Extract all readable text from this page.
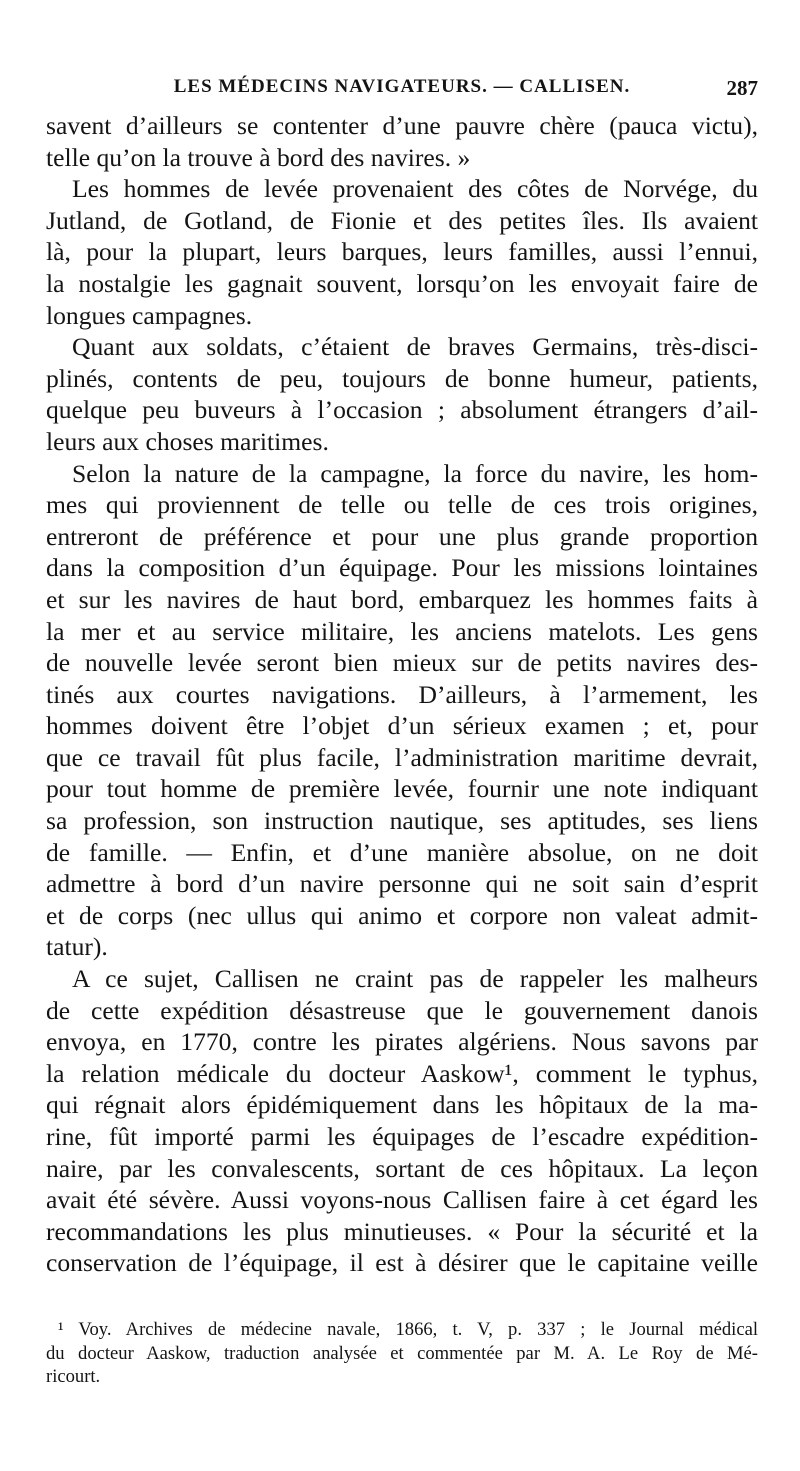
LES MÉDECINS NAVIGATEURS. — CALLISEN.	287
savent d’ailleurs se contenter d’une pauvre chère (pauca victu),
telle qu’on la trouve à bord des navires. »
Les hommes de levée provenaient des côtes de Norvége, du
Jutland, de Gotland, de Fionie et des petites îles. Ils avaient
là, pour la plupart, leurs barques, leurs familles, aussi l’ennui,
la nostalgie les gagnait souvent, lorsqu’on les envoyait faire de
longues campagnes.
Quant aux soldats, c’étaient de braves Germains, très-disci-
plinés, contents de peu, toujours de bonne humeur, patients,
quelque peu buveurs à l’occasion ; absolument étrangers d’ail-
leurs aux choses maritimes.
Selon la nature de la campagne, la force du navire, les hom-
mes qui proviennent de telle ou telle de ces trois origines,
entreront de préférence et pour une plus grande proportion
dans la composition d’un équipage. Pour les missions lointaines
et sur les navires de haut bord, embarquez les hommes faits à
la mer et au service militaire, les anciens matelots. Les gens
de nouvelle levée seront bien mieux sur de petits navires des-
tinés aux courtes navigations. D’ailleurs, à l’armement, les
hommes doivent être l’objet d’un sérieux examen ; et, pour
que ce travail fût plus facile, l’administration maritime devrait,
pour tout homme de première levée, fournir une note indiquant
sa profession, son instruction nautique, ses aptitudes, ses liens
de famille. — Enfin, et d’une manière absolue, on ne doit
admettre à bord d’un navire personne qui ne soit sain d’esprit
et de corps (nec ullus qui animo et corpore non valeat admit-
tatur).
A ce sujet, Callisen ne craint pas de rappeler les malheurs
de cette expédition désastreuse que le gouvernement danois
envoya, en 1770, contre les pirates algériens. Nous savons par
la relation médicale du docteur Aaskow¹, comment le typhus,
qui régnait alors épidémiquement dans les hôpitaux de la ma-
rine, fût importé parmi les équipages de l’escadre expédition-
naire, par les convalescents, sortant de ces hôpitaux. La leçon
avait été sévère. Aussi voyons-nous Callisen faire à cet égard les
recommandations les plus minutieuses. « Pour la sécurité et la
conservation de l’équipage, il est à désirer que le capitaine veille
¹ Voy. Archives de médecine navale, 1866, t. V, p. 337 ; le Journal médical
du docteur Aaskow, traduction analysée et commentée par M. A. Le Roy de Mé-
ricourt.
